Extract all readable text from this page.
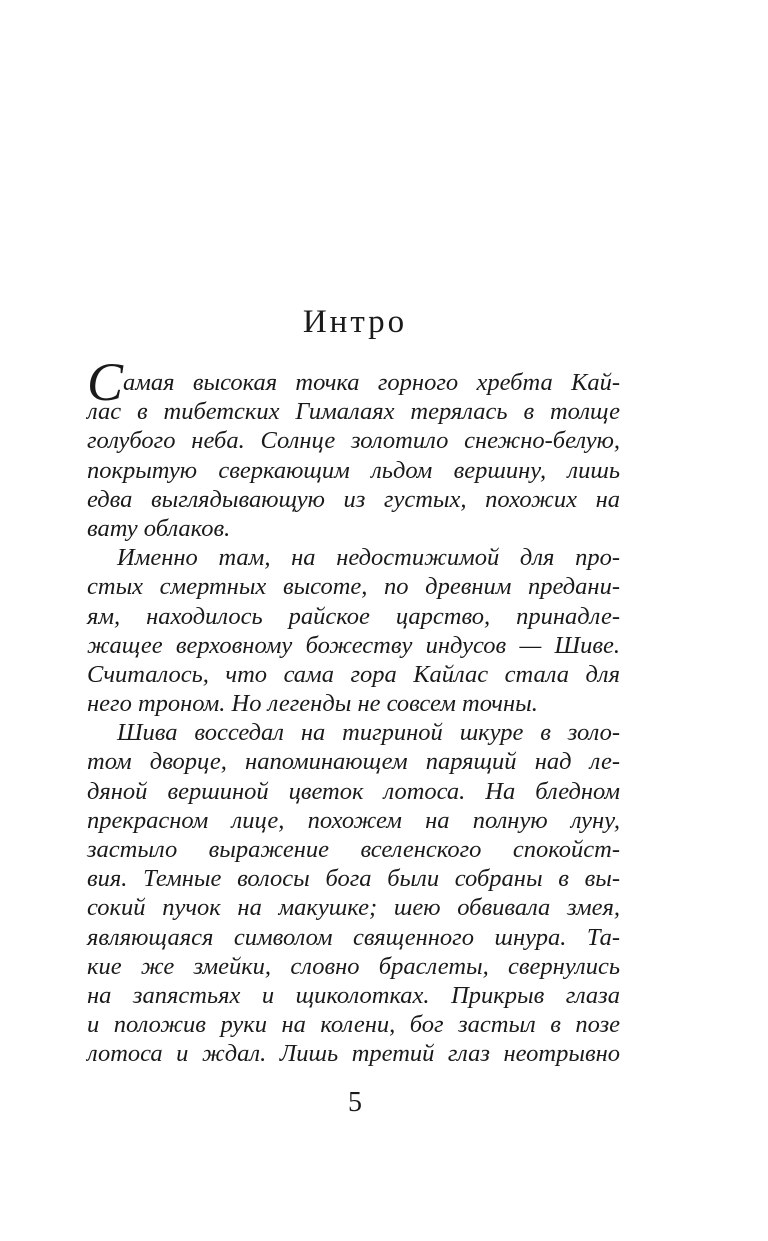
Интро
С амая высокая точка горного хребта Кай-
лас в тибетских Гималаях терялась в толще
голубого неба. Солнце золотило снежно-белую,
покрытую сверкающим льдом вершину, лишь
едва выглядывающую из густых, похожих на
вату облаков.
Именно там, на недостижимой для про-
стых смертных высоте, по древним предани-
ям, находилось райское царство, принадле-
жащее верховному божеству индусов — Шиве.
Считалось, что сама гора Кайлас стала для
него троном. Но легенды не совсем точны.
Шива восседал на тигриной шкуре в золо-
том дворце, напоминающем парящий над ле-
дяной вершиной цветок лотоса. На бледном
прекрасном лице, похожем на полную луну,
застыло выражение вселенского спокойст-
вия. Темные волосы бога были собраны в вы-
сокий пучок на макушке; шею обвивала змея,
являющаяся символом священного шнура. Та-
кие же змейки, словно браслеты, свернулись
на запястьях и щиколотках. Прикрыв глаза
и положив руки на колени, бог застыл в позе
лотоса и ждал. Лишь третий глаз неотрывно
5
